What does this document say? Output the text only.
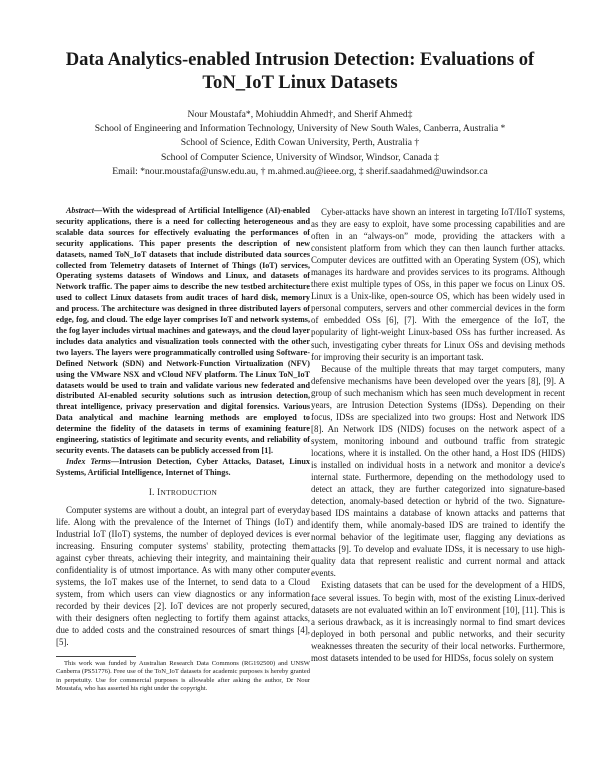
Data Analytics-enabled Intrusion Detection: Evaluations of ToN_IoT Linux Datasets
Nour Moustafa*, Mohiuddin Ahmed†, and Sherif Ahmed‡
School of Engineering and Information Technology, University of New South Wales, Canberra, Australia *
School of Science, Edith Cowan University, Perth, Australia †
School of Computer Science, University of Windsor, Windsor, Canada ‡
Email: *nour.moustafa@unsw.edu.au, † m.ahmed.au@ieee.org, ‡ sherif.saadahmed@uwindsor.ca

Abstract—With the widespread of Artificial Intelligence (AI)-enabled security applications, there is a need for collecting heterogeneous and scalable data sources for effectively evaluating the performances of security applications. This paper presents the description of new datasets, named ToN_IoT datasets that include distributed data sources collected from Telemetry datasets of Internet of Things (IoT) services, Operating systems datasets of Windows and Linux, and datasets of Network traffic. The paper aims to describe the new testbed architecture used to collect Linux datasets from audit traces of hard disk, memory and process. The architecture was designed in three distributed layers of edge, fog, and cloud. The edge layer comprises IoT and network systems, the fog layer includes virtual machines and gateways, and the cloud layer includes data analytics and visualization tools connected with the other two layers. The layers were programmatically controlled using Software-Defined Network (SDN) and Network-Function Virtualization (NFV) using the VMware NSX and vCloud NFV platform. The Linux ToN_IoT datasets would be used to train and validate various new federated and distributed AI-enabled security solutions such as intrusion detection, threat intelligence, privacy preservation and digital forensics. Various Data analytical and machine learning methods are employed to determine the fidelity of the datasets in terms of examining feature engineering, statistics of legitimate and security events, and reliability of security events. The datasets can be publicly accessed from [1].

Index Terms—Intrusion Detection, Cyber Attacks, Dataset, Linux Systems, Artificial Intelligence, Internet of Things.

I. INTRODUCTION

Computer systems are without a doubt, an integral part of everyday life. Along with the prevalence of the Internet of Things (IoT) and Industrial IoT (IIoT) systems, the number of deployed devices is ever increasing. Ensuring computer systems' stability, protecting them against cyber threats, achieving their integrity, and maintaining their confidentiality is of utmost importance. As with many other computer systems, the IoT makes use of the Internet, to send data to a Cloud system, from which users can view diagnostics or any information recorded by their devices [2]. IoT devices are not properly secured, with their designers often neglecting to fortify them against attacks, due to added costs and the constrained resources of smart things [4], [5].

This work was funded by Australian Research Data Commons (RG192500) and UNSW Canberra (PS51776). Free use of the ToN_IoT datasets for academic purposes is hereby granted in perpetuity. Use for commercial purposes is allowable after asking the author, Dr Nour Moustafa, who has asserted his right under the copyright.

Cyber-attacks have shown an interest in targeting IoT/IIoT systems, as they are easy to exploit, have some processing capabilities and are often in an “always-on” mode, providing the attackers with a consistent platform from which they can then launch further attacks. Computer devices are outfitted with an Operating System (OS), which manages its hardware and provides services to its programs. Although there exist multiple types of OSs, in this paper we focus on Linux OS. Linux is a Unix-like, open-source OS, which has been widely used in personal computers, servers and other commercial devices in the form of embedded OSs [6], [7]. With the emergence of the IoT, the popularity of light-weight Linux-based OSs has further increased. As such, investigating cyber threats for Linux OSs and devising methods for improving their security is an important task.

Because of the multiple threats that may target computers, many defensive mechanisms have been developed over the years [8], [9]. A group of such mechanism which has seen much development in recent years, are Intrusion Detection Systems (IDSs). Depending on their focus, IDSs are specialized into two groups: Host and Network IDS [8]. An Network IDS (NIDS) focuses on the network aspect of a system, monitoring inbound and outbound traffic from strategic locations, where it is installed. On the other hand, a Host IDS (HIDS) is installed on individual hosts in a network and monitor a device's internal state. Furthermore, depending on the methodology used to detect an attack, they are further categorized into signature-based detection, anomaly-based detection or hybrid of the two. Signature-based IDS maintains a database of known attacks and patterns that identify them, while anomaly-based IDS are trained to identify the normal behavior of the legitimate user, flagging any deviations as attacks [9]. To develop and evaluate IDSs, it is necessary to use high-quality data that represent realistic and current normal and attack events.

Existing datasets that can be used for the development of a HIDS, face several issues. To begin with, most of the existing Linux-derived datasets are not evaluated within an IoT environment [10], [11]. This is a serious drawback, as it is increasingly normal to find smart devices deployed in both personal and public networks, and their security weaknesses threaten the security of their local networks. Furthermore, most datasets intended to be used for HIDSs, focus solely on system
